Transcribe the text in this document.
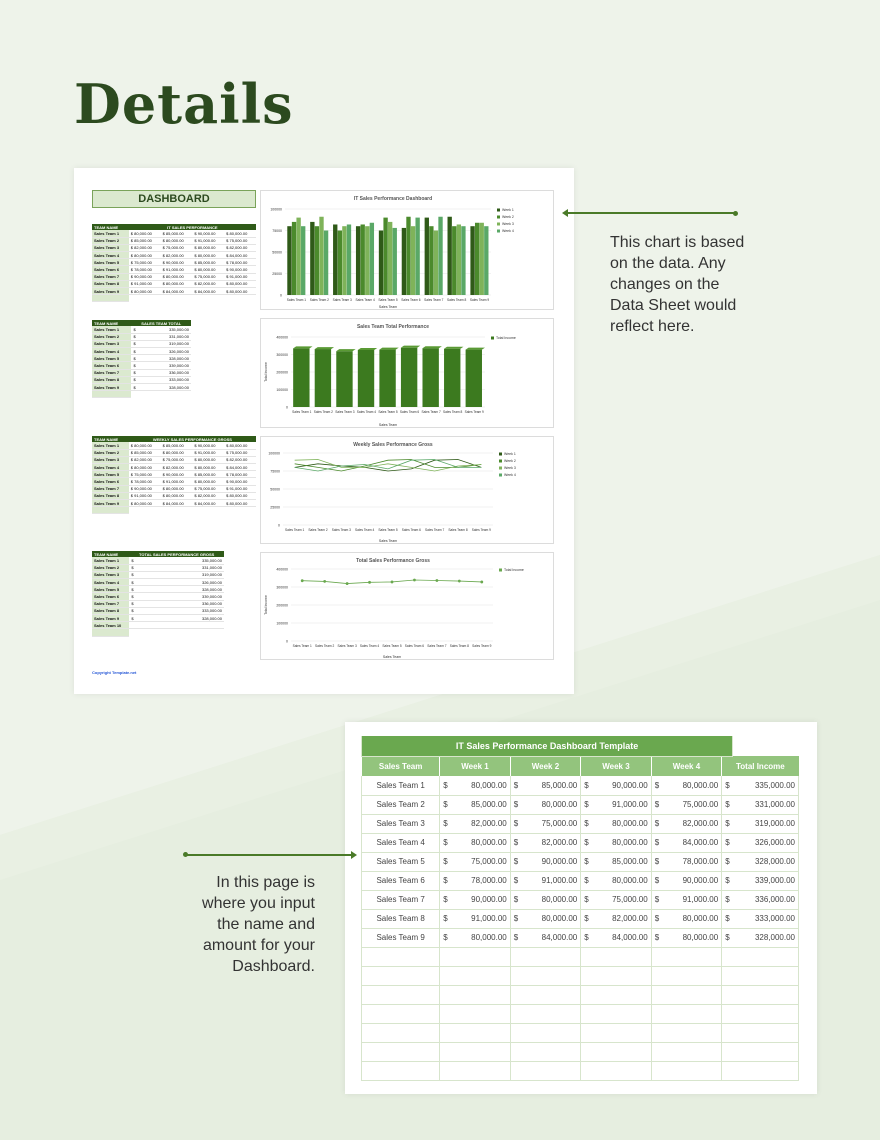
Details
DASHBOARD
TEAM NAME	IT SALES PERFORMANCE			
Sales Team 1	$ 80,000.00	$ 85,000.00	$ 90,000.00	$ 80,000.00
Sales Team 2	$ 85,000.00	$ 80,000.00	$ 91,000.00	$ 75,000.00
Sales Team 3	$ 82,000.00	$ 75,000.00	$ 80,000.00	$ 82,000.00
Sales Team 4	$ 80,000.00	$ 82,000.00	$ 80,000.00	$ 84,000.00
Sales Team 5	$ 75,000.00	$ 90,000.00	$ 85,000.00	$ 78,000.00
Sales Team 6	$ 78,000.00	$ 91,000.00	$ 80,000.00	$ 90,000.00
Sales Team 7	$ 90,000.00	$ 80,000.00	$ 75,000.00	$ 91,000.00
Sales Team 8	$ 91,000.00	$ 80,000.00	$ 82,000.00	$ 80,000.00
Sales Team 9	$ 80,000.00	$ 84,000.00	$ 84,000.00	$ 80,000.00

TEAM NAME	SALES TEAM TOTAL	
Sales Team 1	$	335,000.00
Sales Team 2	$	331,000.00
Sales Team 3	$	319,000.00
Sales Team 4	$	326,000.00
Sales Team 5	$	328,000.00
Sales Team 6	$	339,000.00
Sales Team 7	$	336,000.00
Sales Team 8	$	333,000.00
Sales Team 9	$	328,000.00

TEAM NAME	WEEKLY SALES PERFORMANCE GROSS			
Sales Team 1	$ 80,000.00	$ 85,000.00	$ 90,000.00	$ 80,000.00
Sales Team 2	$ 85,000.00	$ 80,000.00	$ 91,000.00	$ 75,000.00
Sales Team 3	$ 82,000.00	$ 75,000.00	$ 80,000.00	$ 82,000.00
Sales Team 4	$ 80,000.00	$ 82,000.00	$ 80,000.00	$ 84,000.00
Sales Team 5	$ 75,000.00	$ 90,000.00	$ 85,000.00	$ 78,000.00
Sales Team 6	$ 78,000.00	$ 91,000.00	$ 80,000.00	$ 90,000.00
Sales Team 7	$ 90,000.00	$ 80,000.00	$ 75,000.00	$ 91,000.00
Sales Team 8	$ 91,000.00	$ 80,000.00	$ 82,000.00	$ 80,000.00
Sales Team 9	$ 80,000.00	$ 84,000.00	$ 84,000.00	$ 80,000.00

TEAM NAME	TOTAL SALES PERFORMANCE GROSS	
Sales Team 1	$	335,000.00
Sales Team 2	$	331,000.00
Sales Team 3	$	319,000.00
Sales Team 4	$	326,000.00
Sales Team 5	$	328,000.00
Sales Team 6	$	339,000.00
Sales Team 7	$	336,000.00
Sales Team 8	$	333,000.00
Sales Team 9	$	328,000.00
Sales Team 10		

IT Sales Performance Dashboard
100000
75000
50000
25000
0
Sales Team 1 Sales Team 2 Sales Team 3 Sales Team 4 Sales Team 5 Sales Team 6 Sales Team 7 Sales Team 8 Sales Team 9
Sales Team
Week 1
Week 2
Week 3
Week 4
Sales Team Total Performance
400000
300000
200000
100000
0
Sales Team 1 Sales Team 2 Sales Team 3 Sales Team 4 Sales Team 5 Sales Team 6 Sales Team 7 Sales Team 8 Sales Team 9
Sales Team
Total Income
Total Income
Weekly Sales Performance Gross
100000
75000
50000
25000
0
Sales Team 1 Sales Team 2 Sales Team 3 Sales Team 4 Sales Team 5 Sales Team 6 Sales Team 7 Sales Team 8 Sales Team 9
Sales Team
Week 1
Week 2
Week 3
Week 4
Total Sales Performance Gross
400000
300000
200000
100000
0
Sales Team 1 Sales Team 2 Sales Team 3 Sales Team 4 Sales Team 5 Sales Team 6 Sales Team 7 Sales Team 8 Sales Team 9
Sales Team
Total Income
Total Income
Copyright Template.net
This chart is based on the data. Any changes on the Data Sheet would reflect here.
IT Sales Performance Dashboard Template										
Sales Team	Week 1		Week 2		Week 3		Week 4		Total Income	
Sales Team 1	$	80,000.00	$	85,000.00	$	90,000.00	$	80,000.00	$	335,000.00
Sales Team 2	$	85,000.00	$	80,000.00	$	91,000.00	$	75,000.00	$	331,000.00
Sales Team 3	$	82,000.00	$	75,000.00	$	80,000.00	$	82,000.00	$	319,000.00
Sales Team 4	$	80,000.00	$	82,000.00	$	80,000.00	$	84,000.00	$	326,000.00
Sales Team 5	$	75,000.00	$	90,000.00	$	85,000.00	$	78,000.00	$	328,000.00
Sales Team 6	$	78,000.00	$	91,000.00	$	80,000.00	$	90,000.00	$	339,000.00
Sales Team 7	$	90,000.00	$	80,000.00	$	75,000.00	$	91,000.00	$	336,000.00
Sales Team 8	$	91,000.00	$	80,000.00	$	82,000.00	$	80,000.00	$	333,000.00
Sales Team 9	$	80,000.00	$	84,000.00	$	84,000.00	$	80,000.00	$	328,000.00

In this page is where you input the name and amount for your Dashboard.
